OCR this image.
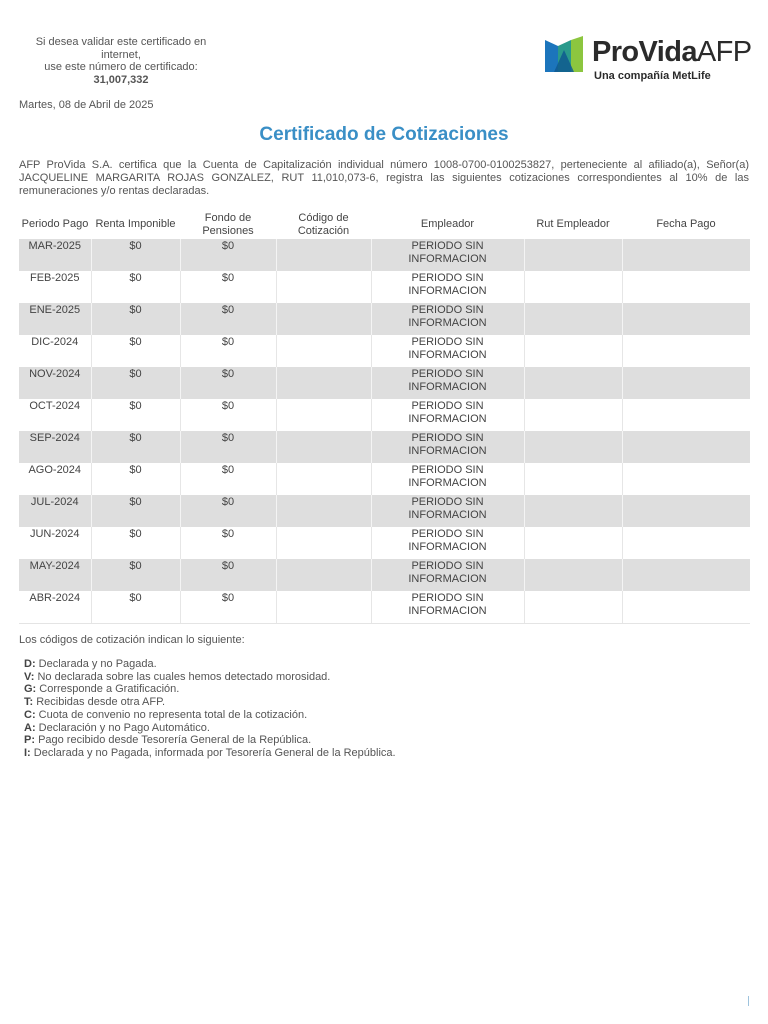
Si desea validar este certificado en internet,
use este número de certificado:
31,007,332
Martes, 08 de Abril de 2025
ProVidaAFP
Una compañía MetLife
Certificado de Cotizaciones
AFP ProVida S.A. certifica que la Cuenta de Capitalización individual número 1008-0700-0100253827, perteneciente al afiliado(a), Señor(a) JACQUELINE MARGARITA ROJAS GONZALEZ, RUT 11,010,073-6, registra las siguientes cotizaciones correspondientes al 10% de las remuneraciones y/o rentas declaradas.
Periodo Pago	Renta Imponible	Fondo de Pensiones	Código de Cotización	Empleador	Rut Empleador	Fecha Pago
MAR-2025	$0	$0		PERIODO SIN INFORMACION		
FEB-2025	$0	$0		PERIODO SIN INFORMACION		
ENE-2025	$0	$0		PERIODO SIN INFORMACION		
DIC-2024	$0	$0		PERIODO SIN INFORMACION		
NOV-2024	$0	$0		PERIODO SIN INFORMACION		
OCT-2024	$0	$0		PERIODO SIN INFORMACION		
SEP-2024	$0	$0		PERIODO SIN INFORMACION		
AGO-2024	$0	$0		PERIODO SIN INFORMACION		
JUL-2024	$0	$0		PERIODO SIN INFORMACION		
JUN-2024	$0	$0		PERIODO SIN INFORMACION		
MAY-2024	$0	$0		PERIODO SIN INFORMACION		
ABR-2024	$0	$0		PERIODO SIN INFORMACION		
Los códigos de cotización indican lo siguiente:
D: Declarada y no Pagada.
V: No declarada sobre las cuales hemos detectado morosidad.
G: Corresponde a Gratificación.
T: Recibidas desde otra AFP.
C: Cuota de convenio no representa total de la cotización.
A: Declaración y no Pago Automático.
P: Pago recibido desde Tesorería General de la República.
I: Declarada y no Pagada, informada por Tesorería General de la República.
